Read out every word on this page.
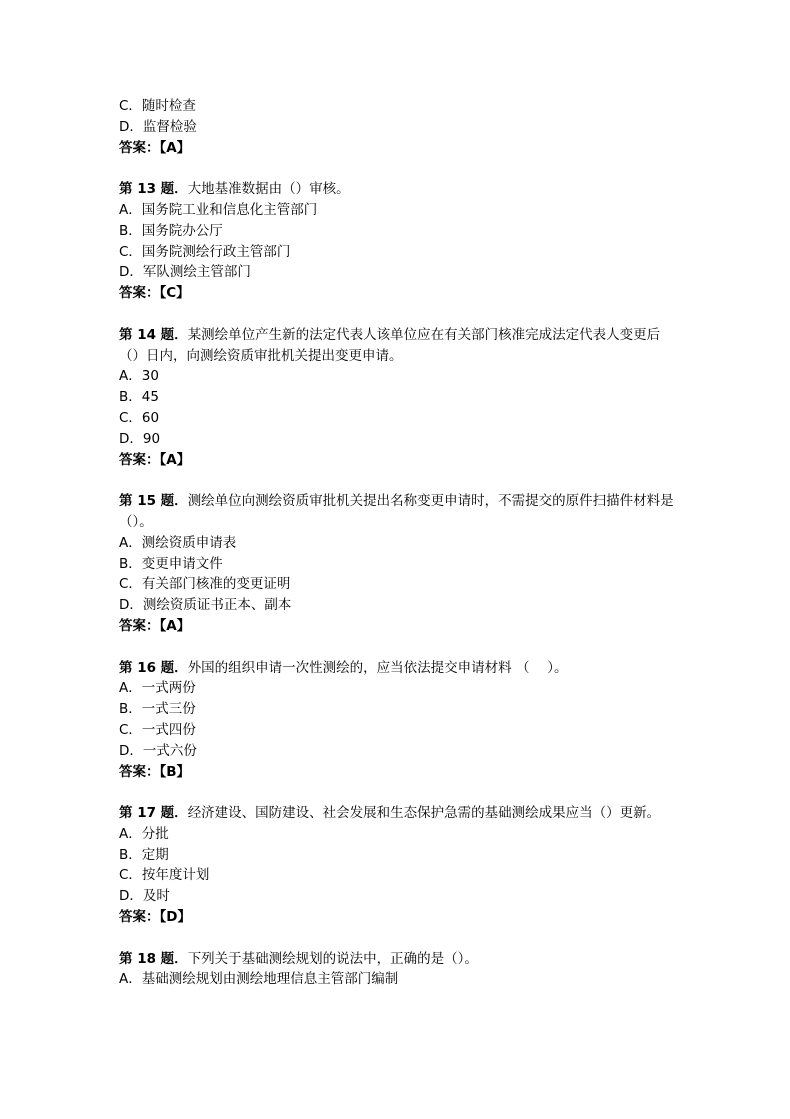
C．随时检查
D．监督检验
答案：【A】
第 13 题．大地基准数据由（）审核。
A．国务院工业和信息化主管部门
B．国务院办公厅
C．国务院测绘行政主管部门
D．军队测绘主管部门
答案：【C】
第 14 题．某测绘单位产生新的法定代表人该单位应在有关部门核准完成法定代表人变更后（）日内，向测绘资质审批机关提出变更申请。
A．30
B．45
C．60
D．90
答案：【A】
第 15 题．测绘单位向测绘资质审批机关提出名称变更申请时，不需提交的原件扫描件材料是（）。
A．测绘资质申请表
B．变更申请文件
C．有关部门核准的变更证明
D．测绘资质证书正本、副本
答案：【A】
第 16 题．外国的组织申请一次性测绘的，应当依法提交申请材料 （　 ）。
A．一式两份
B．一式三份
C．一式四份
D．一式六份
答案：【B】
第 17 题．经济建设、国防建设、社会发展和生态保护急需的基础测绘成果应当（）更新。
A．分批
B．定期
C．按年度计划
D．及时
答案：【D】
第 18 题．下列关于基础测绘规划的说法中，正确的是（）。
A．基础测绘规划由测绘地理信息主管部门编制
